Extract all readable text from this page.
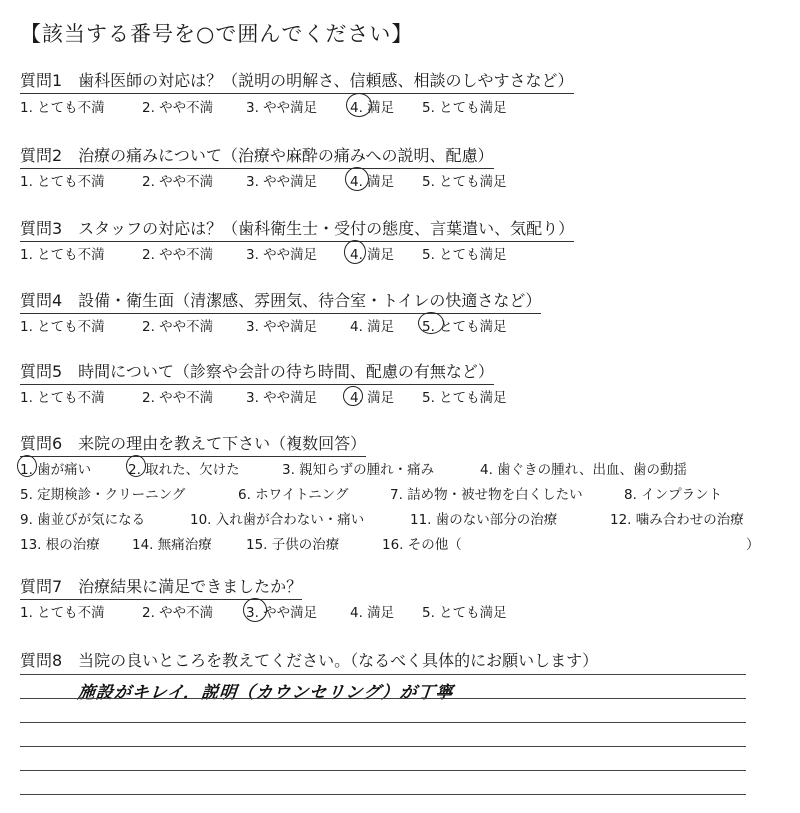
【該当する番号を○で囲んでください】
質問1　歯科医師の対応は？（説明の明解さ、信頼感、相談のしやすさなど）
1. とても不満	2. やや不満 3. やや満足 4. 満足 5. とても満足
質問2　治療の痛みについて（治療や麻酔の痛みへの説明、配慮）
1. とても不満	2. やや不満 3. やや満足 4. 満足 5. とても満足
質問3　スタッフの対応は？（歯科衛生士・受付の態度、言葉遣い、気配り）
1. とても不満	2. やや不満 3. やや満足 4. 満足 5. とても満足
質問4　設備・衛生面（清潔感、雰囲気、待合室・トイレの快適さなど）
1. とても不満	2. やや不満 3. やや満足 4. 満足 5. とても満足
質問5　時間について（診察や会計の待ち時間、配慮の有無など）
1. とても不満	2. やや不満 3. やや満足 4. 満足 5. とても満足
質問6　来院の理由を教えて下さい（複数回答）
1. 歯が痛い	2. 取れた、欠けた	3. 親知らずの腫れ・痛み	4. 歯ぐきの腫れ、出血、歯の動揺
5. 定期検診・クリーニング	6. ホワイトニング	7. 詰め物・被せ物を白くしたい	8. インプラント
9. 歯並びが気になる	10. 入れ歯が合わない・痛い	11. 歯のない部分の治療	12. 噛み合わせの治療
13. 根の治療 14. 無痛治療	15. 子供の治療	16. その他（	）
質問7　治療結果に満足できましたか？
1. とても不満	2. やや不満 3. やや満足 4. 満足 5. とても満足
質問8　当院の良いところを教えてください。（なるべく具体的にお願いします）
施設がキレイ．説明（カウンセリング）が丁寧
